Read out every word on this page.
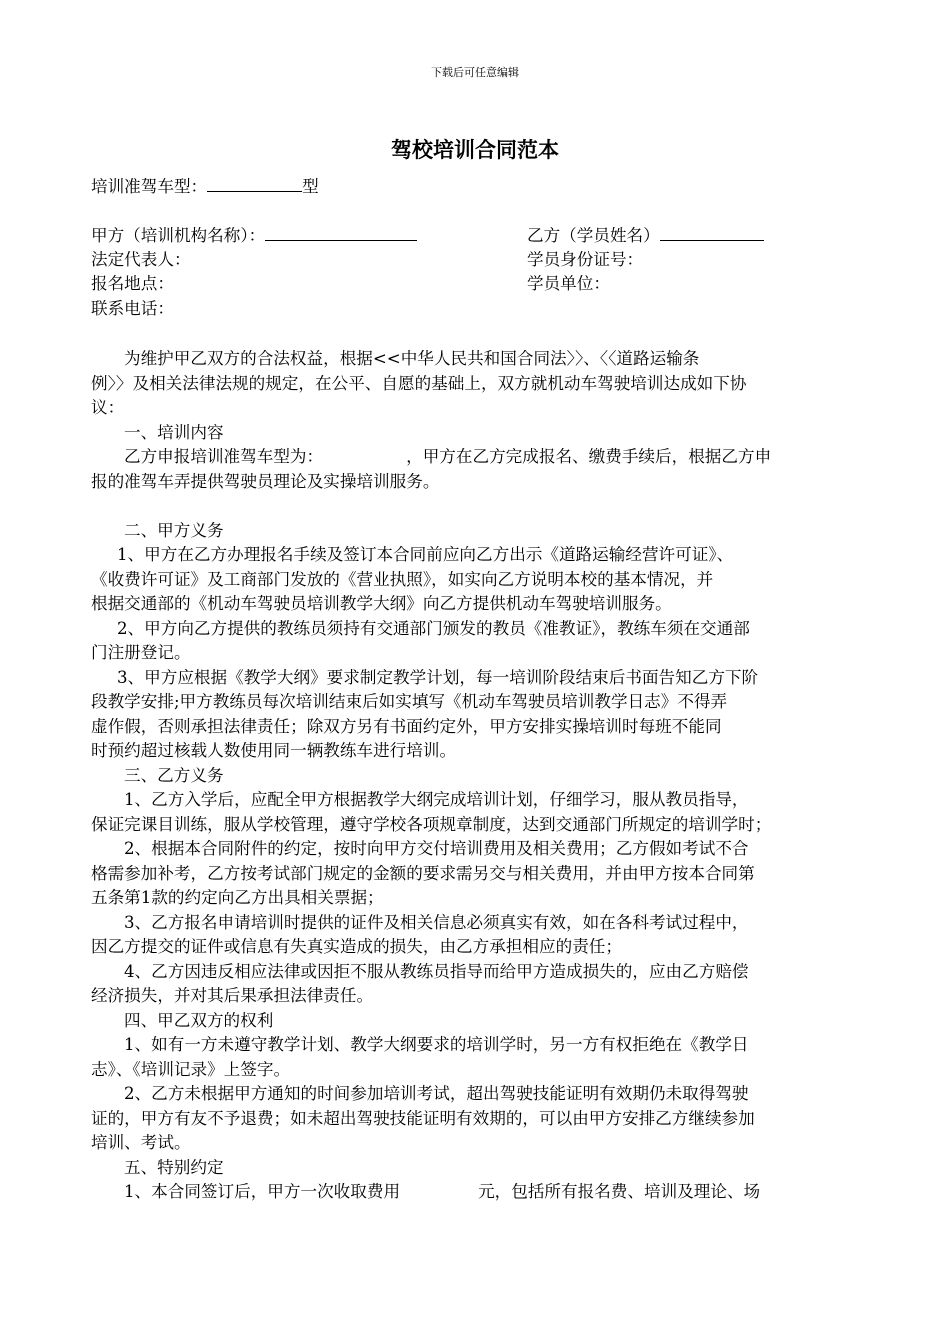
下载后可任意编辑
驾校培训合同范本
培训准驾车型：	型
甲方（培训机构名称）：	乙方（学员姓名）
法定代表人：	学员身份证号：
报名地点：	学员单位：
联系电话：
为维护甲乙双方的合法权益，根据<<中华人民共和国合同法〉〉、〈〈道路运输条
例〉〉及相关法律法规的规定，在公平、自愿的基础上，双方就机动车驾驶培训达成如下协
议：
一、培训内容
乙方申报培训准驾车型为：	，甲方在乙方完成报名、缴费手续后，根据乙方申
报的准驾车弄提供驾驶员理论及实操培训服务。
二、甲方义务
1、甲方在乙方办理报名手续及签订本合同前应向乙方出示《道路运输经营许可证》、
《收费许可证》及工商部门发放的《营业执照》，如实向乙方说明本校的基本情况，并
根据交通部的《机动车驾驶员培训教学大纲》向乙方提供机动车驾驶培训服务。
2、甲方向乙方提供的教练员须持有交通部门颁发的教员《准教证》，教练车须在交通部
门注册登记。
3、甲方应根据《教学大纲》要求制定教学计划，每一培训阶段结束后书面告知乙方下阶
段教学安排;甲方教练员每次培训结束后如实填写《机动车驾驶员培训教学日志》不得弄
虚作假，否则承担法律责任；除双方另有书面约定外，甲方安排实操培训时每班不能同
时预约超过核载人数使用同一辆教练车进行培训。
三、乙方义务
1、乙方入学后，应配全甲方根据教学大纲完成培训计划，仔细学习，服从教员指导，
保证完课目训练，服从学校管理，遵守学校各项规章制度，达到交通部门所规定的培训学时；
2、根据本合同附件的约定，按时向甲方交付培训费用及相关费用；乙方假如考试不合
格需参加补考，乙方按考试部门规定的金额的要求需另交与相关费用，并由甲方按本合同第
五条第1款的约定向乙方出具相关票据；
3、乙方报名申请培训时提供的证件及相关信息必须真实有效，如在各科考试过程中，
因乙方提交的证件或信息有失真实造成的损失，由乙方承担相应的责任；
4、乙方因违反相应法律或因拒不服从教练员指导而给甲方造成损失的，应由乙方赔偿
经济损失，并对其后果承担法律责任。
四、甲乙双方的权利
1、如有一方未遵守教学计划、教学大纲要求的培训学时，另一方有权拒绝在《教学日
志》、《培训记录》上签字。
2、乙方未根据甲方通知的时间参加培训考试，超出驾驶技能证明有效期仍未取得驾驶
证的，甲方有友不予退费；如未超出驾驶技能证明有效期的，可以由甲方安排乙方继续参加
培训、考试。
五、特别约定
1、本合同签订后，甲方一次收取费用	元，包括所有报名费、培训及理论、场
